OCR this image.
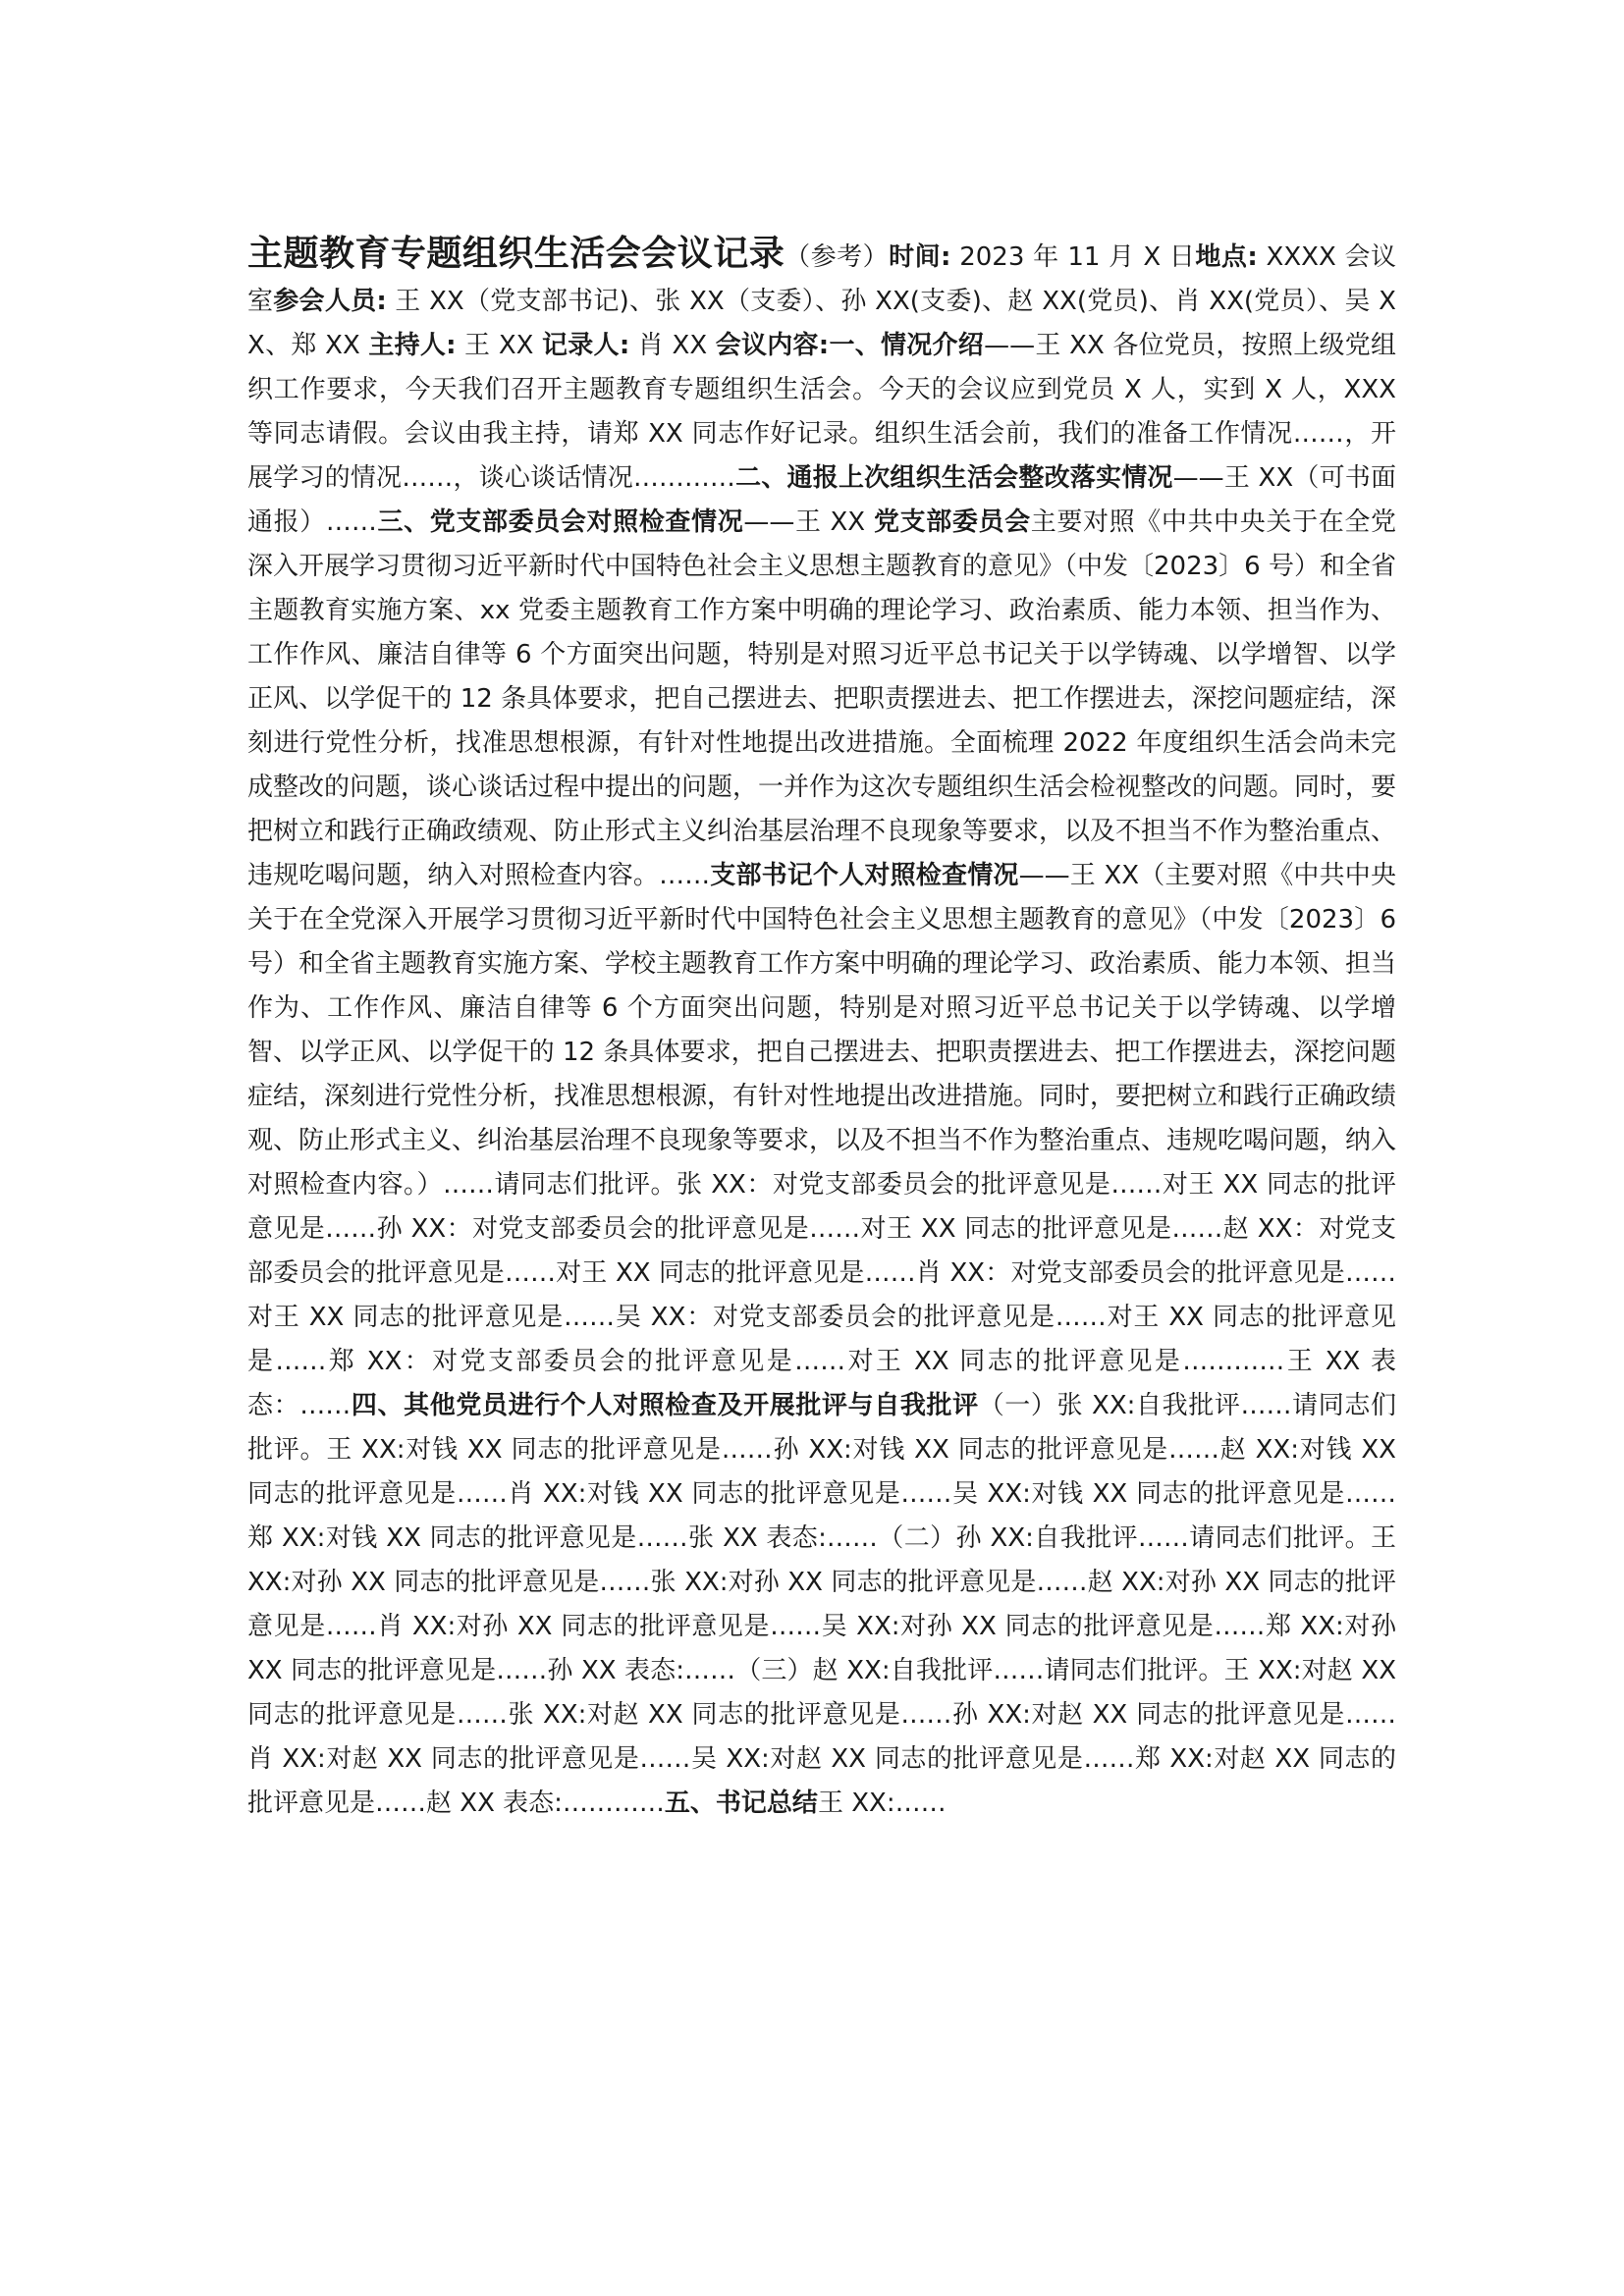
主题教育专题组织生活会会议记录（参考）时间: 2023 年 11 月 X 日地点: XXXX 会议室参会人员: 王 XX（党支部书记)、张 XX（支委）、孙 XX(支委)、赵 XX(党员)、肖 XX(党员）、吴 XX、郑 XX 主持人: 王 XX 记录人: 肖 XX 会议内容:一、情况介绍——王 XX 各位党员，按照上级党组织工作要求，今天我们召开主题教育专题组织生活会。今天的会议应到党员 X 人，实到 X 人，XXX 等同志请假。会议由我主持，请郑 XX 同志作好记录。组织生活会前，我们的准备工作情况……，开展学习的情况……，谈心谈话情况…………二、通报上次组织生活会整改落实情况——王 XX（可书面通报）……三、党支部委员会对照检查情况——王 XX 党支部委员会主要对照《中共中央关于在全党深入开展学习贯彻习近平新时代中国特色社会主义思想主题教育的意见》（中发〔2023〕6 号）和全省主题教育实施方案、xx 党委主题教育工作方案中明确的理论学习、政治素质、能力本领、担当作为、工作作风、廉洁自律等 6 个方面突出问题，特别是对照习近平总书记关于以学铸魂、以学增智、以学正风、以学促干的 12 条具体要求，把自己摆进去、把职责摆进去、把工作摆进去，深挖问题症结，深刻进行党性分析，找准思想根源，有针对性地提出改进措施。全面梳理 2022 年度组织生活会尚未完成整改的问题，谈心谈话过程中提出的问题，一并作为这次专题组织生活会检视整改的问题。同时，要把树立和践行正确政绩观、防止形式主义纠治基层治理不良现象等要求，以及不担当不作为整治重点、违规吃喝问题，纳入对照检查内容。……支部书记个人对照检查情况——王 XX（主要对照《中共中央关于在全党深入开展学习贯彻习近平新时代中国特色社会主义思想主题教育的意见》（中发〔2023〕6 号）和全省主题教育实施方案、学校主题教育工作方案中明确的理论学习、政治素质、能力本领、担当作为、工作作风、廉洁自律等 6 个方面突出问题，特别是对照习近平总书记关于以学铸魂、以学增智、以学正风、以学促干的 12 条具体要求，把自己摆进去、把职责摆进去、把工作摆进去，深挖问题症结，深刻进行党性分析，找准思想根源，有针对性地提出改进措施。同时，要把树立和践行正确政绩观、防止形式主义、纠治基层治理不良现象等要求，以及不担当不作为整治重点、违规吃喝问题，纳入对照检查内容。）……请同志们批评。张 XX：对党支部委员会的批评意见是……对王 XX 同志的批评意见是……孙 XX：对党支部委员会的批评意见是……对王 XX 同志的批评意见是……赵 XX：对党支部委员会的批评意见是……对王 XX 同志的批评意见是……肖 XX：对党支部委员会的批评意见是……对王 XX 同志的批评意见是……吴 XX：对党支部委员会的批评意见是……对王 XX 同志的批评意见是……郑 XX：对党支部委员会的批评意见是……对王 XX 同志的批评意见是…………王 XX 表态：……四、其他党员进行个人对照检查及开展批评与自我批评（一）张 XX:自我批评……请同志们批评。王 XX:对钱 XX 同志的批评意见是……孙 XX:对钱 XX 同志的批评意见是……赵 XX:对钱 XX 同志的批评意见是……肖 XX:对钱 XX 同志的批评意见是……吴 XX:对钱 XX 同志的批评意见是……郑 XX:对钱 XX 同志的批评意见是……张 XX 表态:……（二）孙 XX:自我批评……请同志们批评。王 XX:对孙 XX 同志的批评意见是……张 XX:对孙 XX 同志的批评意见是……赵 XX:对孙 XX 同志的批评意见是……肖 XX:对孙 XX 同志的批评意见是……吴 XX:对孙 XX 同志的批评意见是……郑 XX:对孙 XX 同志的批评意见是……孙 XX 表态:……（三）赵 XX:自我批评……请同志们批评。王 XX:对赵 XX 同志的批评意见是……张 XX:对赵 XX 同志的批评意见是……孙 XX:对赵 XX 同志的批评意见是……肖 XX:对赵 XX 同志的批评意见是……吴 XX:对赵 XX 同志的批评意见是……郑 XX:对赵 XX 同志的批评意见是……赵 XX 表态:…………五、书记总结王 XX:……
